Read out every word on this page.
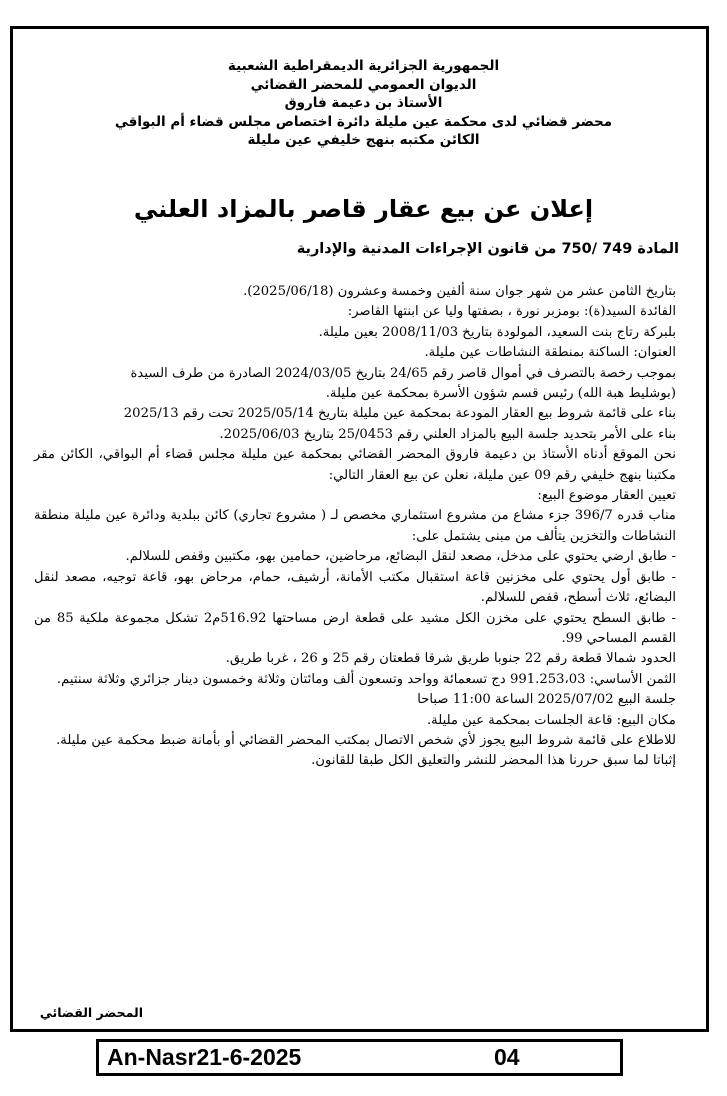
الجمهورية الجزائرية الديمقراطية الشعبية
الديوان العمومي للمحضر القضائي
الأستاذ بن دعيمة فاروق
محضر قضائي لدى محكمة عين مليلة دائرة اختصاص مجلس قضاء أم البواقي
الكائن مكتبه بنهج خليفي عين مليلة
إعلان عن بيع عقار قاصر بالمزاد العلني
المادة 749 /750 من قانون الإجراءات المدنية والإدارية

بتاريخ الثامن عشر من شهر جوان سنة ألفين وخمسة وعشرون (2025/06/18).

الفائدة السيد(ة): بومزبر نورة ، بصفتها وليا عن ابنتها القاصر:

بلبركة رتاج بنت السعيد، المولودة بتاريخ 2008/11/03 بعين مليلة.

العنوان: الساكنة بمنطقة النشاطات عين مليلة.

بموجب رخصة بالتصرف في أموال قاصر رقم 24/65 بتاريخ 2024/03/05 الصادرة من طرف السيدة

(بوشليط هبة الله) رئيس قسم شؤون الأسرة بمحكمة عين مليلة.

بناء على قائمة شروط بيع العقار المودعة بمحكمة عين مليلة بتاريخ 2025/05/14 تحت رقم 2025/13

بناء على الأمر بتحديد جلسة البيع بالمزاد العلني رقم 25/0453 بتاريخ 2025/06/03.

نحن الموقع أدناه الأستاذ بن دعيمة فاروق المحضر القضائي بمحكمة عين مليلة مجلس قضاء أم البواقي، الكائن مقر مكتبنا بنهج خليفي رقم 09 عين مليلة، نعلن عن بيع العقار التالي:

تعيين العقار موضوع البيع:

مناب قدره 396/7 جزء مشاع من مشروع استثماري مخصص لـ ( مشروع تجاري) كائن ببلدية ودائرة عين مليلة منطقة النشاطات والتخزين يتألف من مبنى يشتمل على:

- طابق ارضي يحتوي على مدخل، مصعد لنقل البضائع، مرحاضين، حمامين بهو، مكتبين وقفص للسلالم.

- طابق أول يحتوي على مخزنين قاعة استقبال مكتب الأمانة، أرشيف، حمام، مرحاض بهو، قاعة توجيه، مصعد لنقل البضائع، ثلاث أسطح، قفص للسلالم.

- طابق السطح يحتوي على مخزن الكل مشيد على قطعة ارض مساحتها 516.92م2 تشكل مجموعة ملكية 85 من القسم المساحي 99.

الحدود شمالا قطعة رقم 22 جنوبا طريق شرقا قطعتان رقم 25 و 26 ، غربا طريق.

الثمن الأساسي: 991.253،03 دج تسعمائة وواحد وتسعون ألف ومائتان وثلاثة وخمسون دينار جزائري وثلاثة سنتيم.

جلسة البيع 2025/07/02 الساعة 11:00 صباحا

مكان البيع: قاعة الجلسات بمحكمة عين مليلة.

للاطلاع على قائمة شروط البيع يجوز لأي شخص الاتصال بمكتب المحضر القضائي أو بأمانة ضبط محكمة عين مليلة.

إثباتا لما سبق حررنا هذا المحضر للنشر والتعليق الكل طبقا للقانون.

المحضر القضائي
An-Nasr21-6-2025	04
